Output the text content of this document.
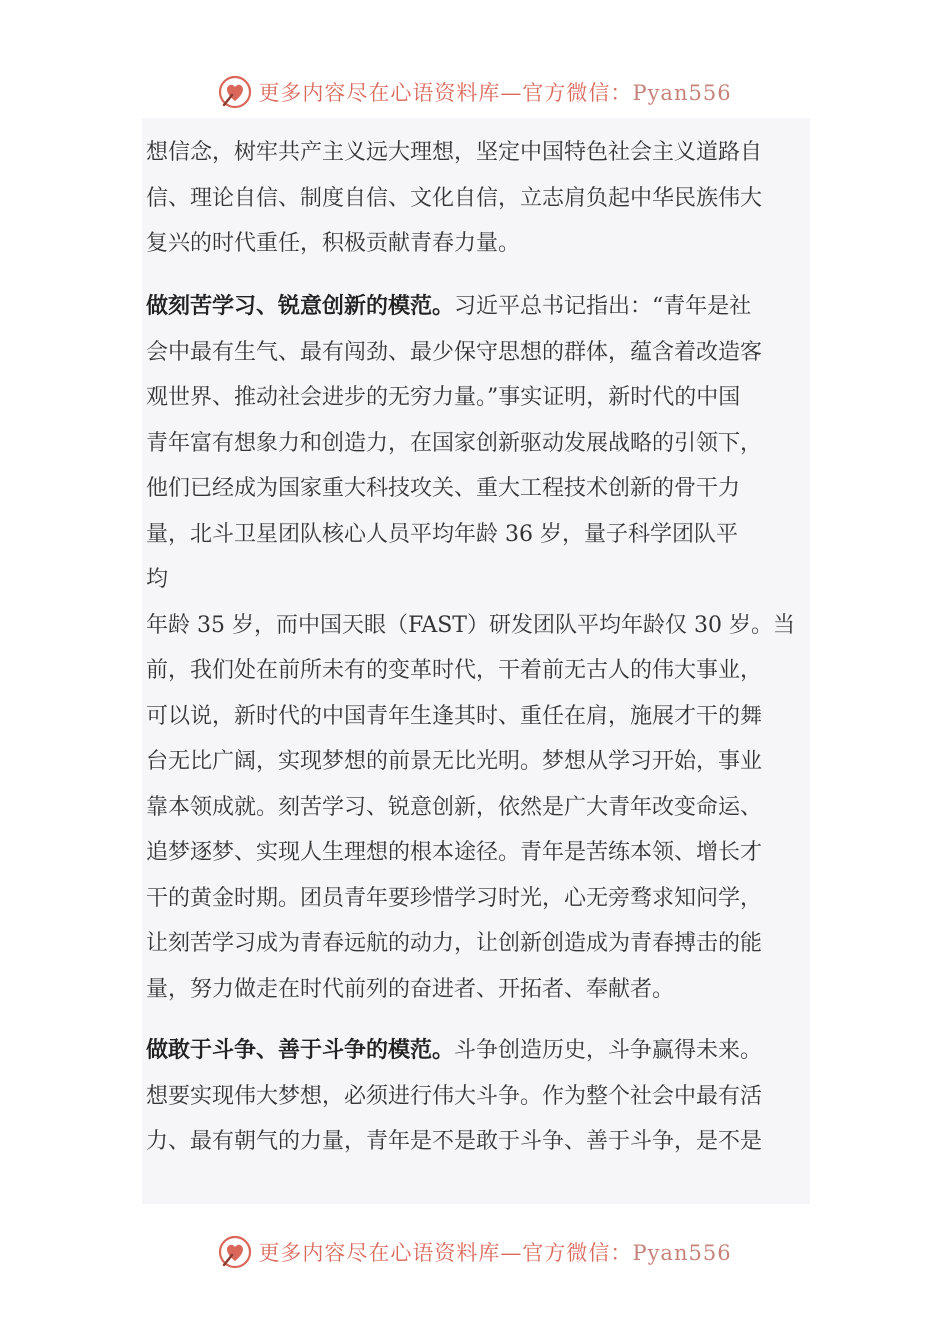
更多内容尽在心语资料库—官方微信：Pyan556
想信念，树牢共产主义远大理想，坚定中国特色社会主义道路自
信、理论自信、制度自信、文化自信，立志肩负起中华民族伟大
复兴的时代重任，积极贡献青春力量。
做刻苦学习、锐意创新的模范。习近平总书记指出：“青年是社
会中最有生气、最有闯劲、最少保守思想的群体，蕴含着改造客
观世界、推动社会进步的无穷力量。”事实证明，新时代的中国
青年富有想象力和创造力，在国家创新驱动发展战略的引领下，
他们已经成为国家重大科技攻关、重大工程技术创新的骨干力
量，北斗卫星团队核心人员平均年龄 36 岁，量子科学团队平
均
年龄 35 岁，而中国天眼（FAST）研发团队平均年龄仅 30 岁。当
前，我们处在前所未有的变革时代，干着前无古人的伟大事业，
可以说，新时代的中国青年生逢其时、重任在肩，施展才干的舞
台无比广阔，实现梦想的前景无比光明。梦想从学习开始，事业
靠本领成就。刻苦学习、锐意创新，依然是广大青年改变命运、
追梦逐梦、实现人生理想的根本途径。青年是苦练本领、增长才
干的黄金时期。团员青年要珍惜学习时光，心无旁骛求知问学，
让刻苦学习成为青春远航的动力，让创新创造成为青春搏击的能
量，努力做走在时代前列的奋进者、开拓者、奉献者。
做敢于斗争、善于斗争的模范。斗争创造历史，斗争赢得未来。
想要实现伟大梦想，必须进行伟大斗争。作为整个社会中最有活
力、最有朝气的力量，青年是不是敢于斗争、善于斗争，是不是
更多内容尽在心语资料库—官方微信：Pyan556
